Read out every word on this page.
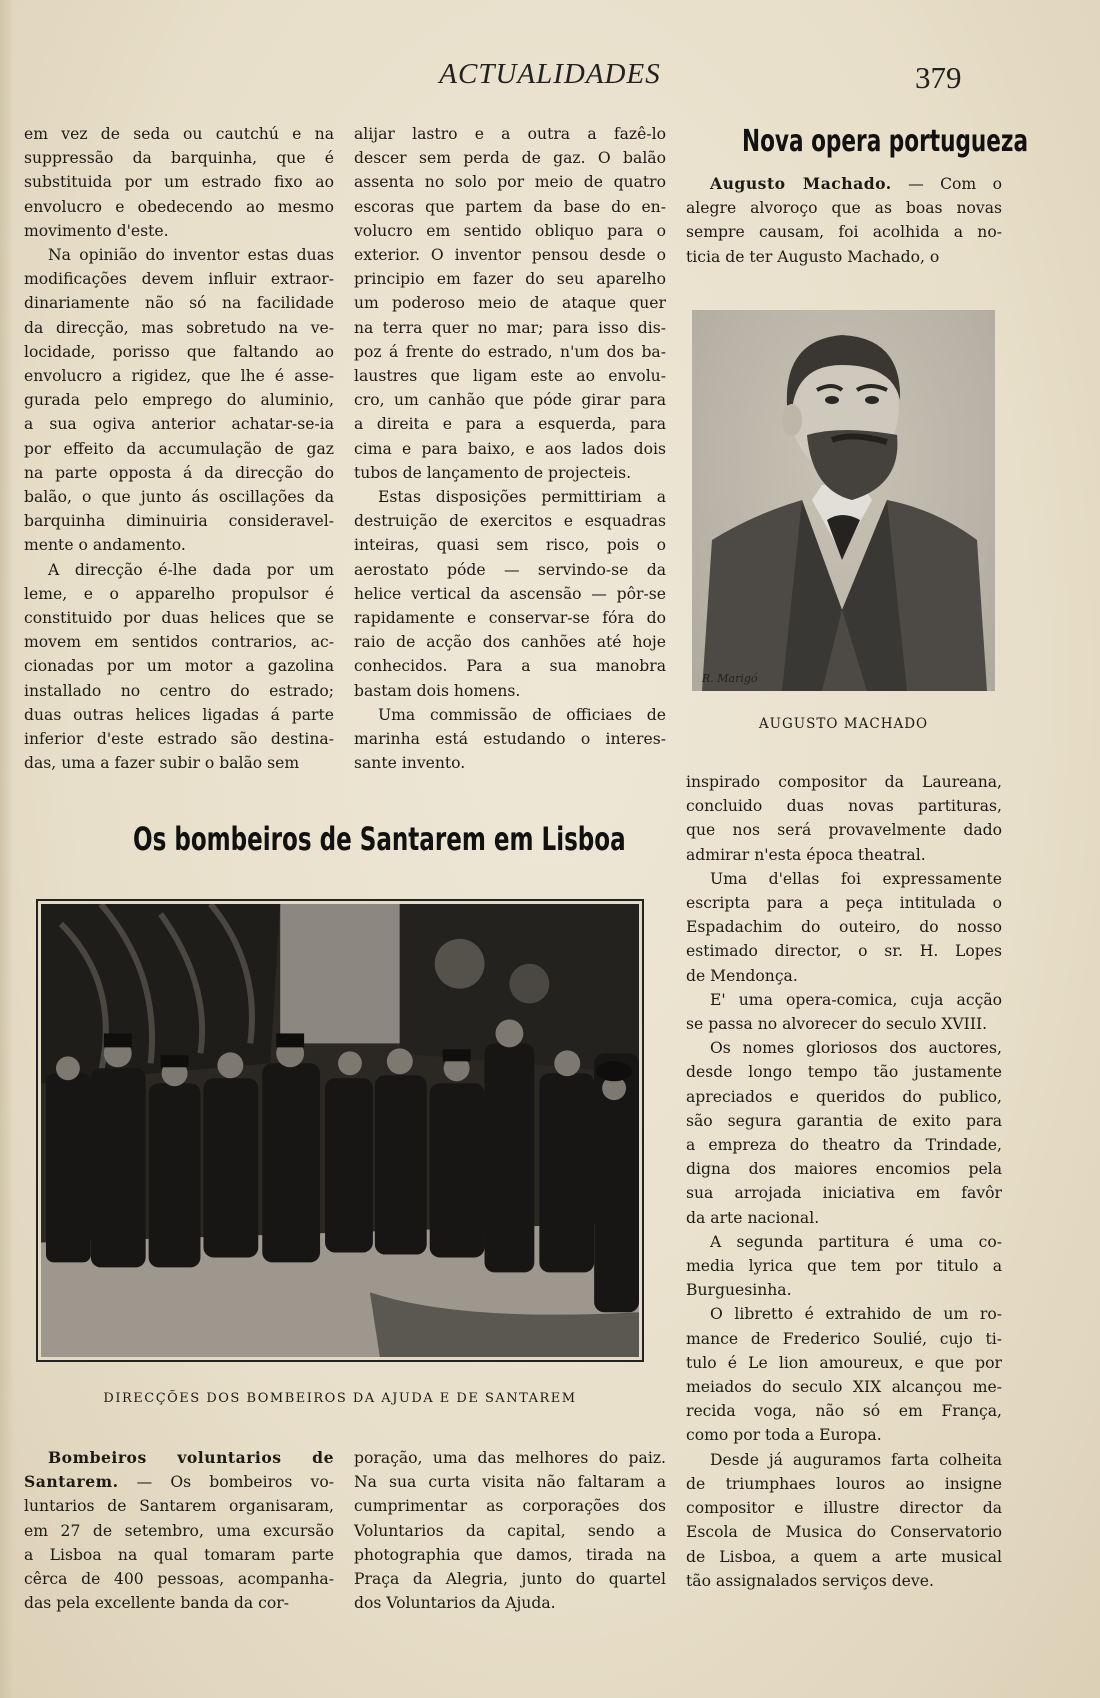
ACTUALIDADES	379
em vez de seda ou cautchú e na
suppressão da barquinha, que é
substituida por um estrado fixo ao
envolucro e obedecendo ao mesmo
movimento d'este.
Na opinião do inventor estas duas
modificações devem influir extraor-
dinariamente não só na facilidade
da direcção, mas sobretudo na ve-
locidade, porisso que faltando ao
envolucro a rigidez, que lhe é asse-
gurada pelo emprego do aluminio,
a sua ogiva anterior achatar-se-ia
por effeito da accumulação de gaz
na parte opposta á da direcção do
balão, o que junto ás oscillações da
barquinha diminuiria consideravel-
mente o andamento.
A direcção é-lhe dada por um
leme, e o apparelho propulsor é
constituido por duas helices que se
movem em sentidos contrarios, ac-
cionadas por um motor a gazolina
installado no centro do estrado;
duas outras helices ligadas á parte
inferior d'este estrado são destina-
das, uma a fazer subir o balão sem
alijar lastro e a outra a fazê-lo
descer sem perda de gaz. O balão
assenta no solo por meio de quatro
escoras que partem da base do en-
volucro em sentido obliquo para o
exterior. O inventor pensou desde o
principio em fazer do seu aparelho
um poderoso meio de ataque quer
na terra quer no mar; para isso dis-
poz á frente do estrado, n'um dos ba-
laustres que ligam este ao envolu-
cro, um canhão que póde girar para
a direita e para a esquerda, para
cima e para baixo, e aos lados dois
tubos de lançamento de projecteis.
Estas disposições permittiriam a
destruição de exercitos e esquadras
inteiras, quasi sem risco, pois o
aerostato póde — servindo-se da
helice vertical da ascensão — pôr-se
rapidamente e conservar-se fóra do
raio de acção dos canhões até hoje
conhecidos. Para a sua manobra
bastam dois homens.
Uma commissão de officiaes de
marinha está estudando o interes-
sante invento.
Nova opera portugueza
Augusto Machado. — Com o
alegre alvoroço que as boas novas
sempre causam, foi acolhida a no-
ticia de ter Augusto Machado, o
R. Marigó
AUGUSTO MACHADO
inspirado compositor da Laureana,
concluido duas novas partituras,
que nos será provavelmente dado
admirar n'esta época theatral.
Uma d'ellas foi expressamente
escripta para a peça intitulada o
Espadachim do outeiro, do nosso
estimado director, o sr. H. Lopes
de Mendonça.
E' uma opera-comica, cuja acção
se passa no alvorecer do seculo XVIII.
Os nomes gloriosos dos auctores,
desde longo tempo tão justamente
apreciados e queridos do publico,
são segura garantia de exito para
a empreza do theatro da Trindade,
digna dos maiores encomios pela
sua arrojada iniciativa em favôr
da arte nacional.
A segunda partitura é uma co-
media lyrica que tem por titulo a
Burguesinha.
O libretto é extrahido de um ro-
mance de Frederico Soulié, cujo ti-
tulo é Le lion amoureux, e que por
meiados do seculo XIX alcançou me-
recida voga, não só em França,
como por toda a Europa.
Desde já auguramos farta colheita
de triumphaes louros ao insigne
compositor e illustre director da
Escola de Musica do Conservatorio
de Lisboa, a quem a arte musical
tão assignalados serviços deve.
Os bombeiros de Santarem em Lisboa
DIRECÇÕES DOS BOMBEIROS DA AJUDA E DE SANTAREM
Bombeiros voluntarios de
Santarem. — Os bombeiros vo-
luntarios de Santarem organisaram,
em 27 de setembro, uma excursão
a Lisboa na qual tomaram parte
cêrca de 400 pessoas, acompanha-
das pela excellente banda da cor-
poração, uma das melhores do paiz.
Na sua curta visita não faltaram a
cumprimentar as corporações dos
Voluntarios da capital, sendo a
photographia que damos, tirada na
Praça da Alegria, junto do quartel
dos Voluntarios da Ajuda.
